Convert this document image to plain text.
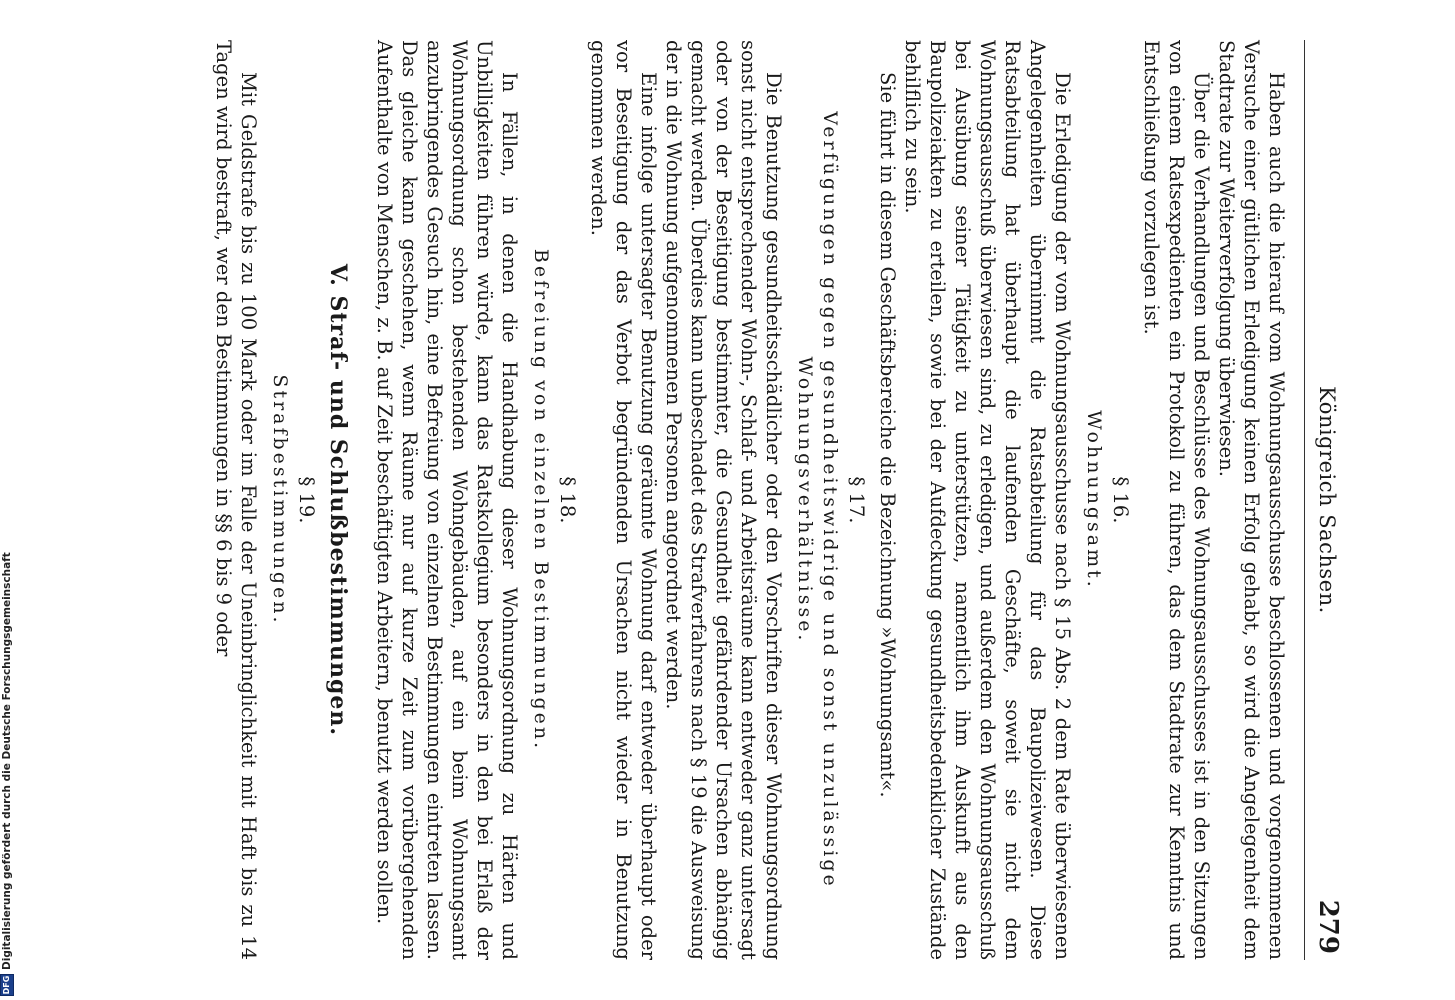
Königreich Sachsen.
279

Haben auch die hierauf vom Wohnungsausschusse beschlossenen und vorgenommenen Versuche einer gütlichen Erledigung keinen Erfolg gehabt, so wird die Angelegenheit dem Stadtrate zur Weiterverfolgung überwiesen.

Über die Verhandlungen und Beschlüsse des Wohnungsausschusses ist in den Sitzungen von einem Ratsexpedienten ein Protokoll zu führen, das dem Stadtrate zur Kenntnis und Entschließung vorzulegen ist.

§ 16.
Wohnungsamt.

Die Erledigung der vom Wohnungsausschusse nach § 15 Abs. 2 dem Rate überwiesenen Angelegenheiten übernimmt die Ratsabteilung für das Baupolizeiwesen. Diese Ratsabteilung hat überhaupt die laufenden Geschäfte, soweit sie nicht dem Wohnungsausschuß überwiesen sind, zu erledigen, und außerdem den Wohnungsausschuß bei Ausübung seiner Tätigkeit zu unterstützen, namentlich ihm Auskunft aus den Baupolizeiakten zu erteilen, sowie bei der Aufdeckung gesundheitsbedenklicher Zustände behilflich zu sein.

Sie führt in diesem Geschäftsbereiche die Bezeichnung »Wohnungsamt«.

§ 17.
Verfügungen gegen gesundheitswidrige und sonst unzulässige Wohnungsverhältnisse.

Die Benutzung gesundheitsschädlicher oder den Vorschriften dieser Wohnungsordnung sonst nicht entsprechender Wohn-, Schlaf- und Arbeitsräume kann entweder ganz untersagt oder von der Beseitigung bestimmter, die Gesundheit gefährdender Ursachen abhängig gemacht werden. Überdies kann unbeschadet des Strafverfahrens nach § 19 die Ausweisung der in die Wohnung aufgenommenen Personen angeordnet werden.

Eine infolge untersagter Benutzung geräumte Wohnung darf entweder überhaupt oder vor Beseitigung der das Verbot begründenden Ursachen nicht wieder in Benutzung genommen werden.

§ 18.
Befreiung von einzelnen Bestimmungen.

In Fällen, in denen die Handhabung dieser Wohnungsordnung zu Härten und Unbilligkeiten führen würde, kann das Ratskollegium besonders in den bei Erlaß der Wohnungsordnung schon bestehenden Wohngebäuden, auf ein beim Wohnungsamt anzubringendes Gesuch hin, eine Befreiung von einzelnen Bestimmungen eintreten lassen. Das gleiche kann geschehen, wenn Räume nur auf kurze Zeit zum vorübergehenden Aufenthalte von Menschen, z. B. auf Zeit beschäftigten Arbeitern, benutzt werden sollen.

V. Straf- und Schlußbestimmungen.
§ 19.
Strafbestimmungen.

Mit Geldstrafe bis zu 100 Mark oder im Falle der Uneinbringlichkeit mit Haft bis zu 14 Tagen wird bestraft, wer den Bestimmungen in §§ 6 bis 9 oder

DFGDigitalisierung gefördert durch die Deutsche Forschungsgemeinschaft
